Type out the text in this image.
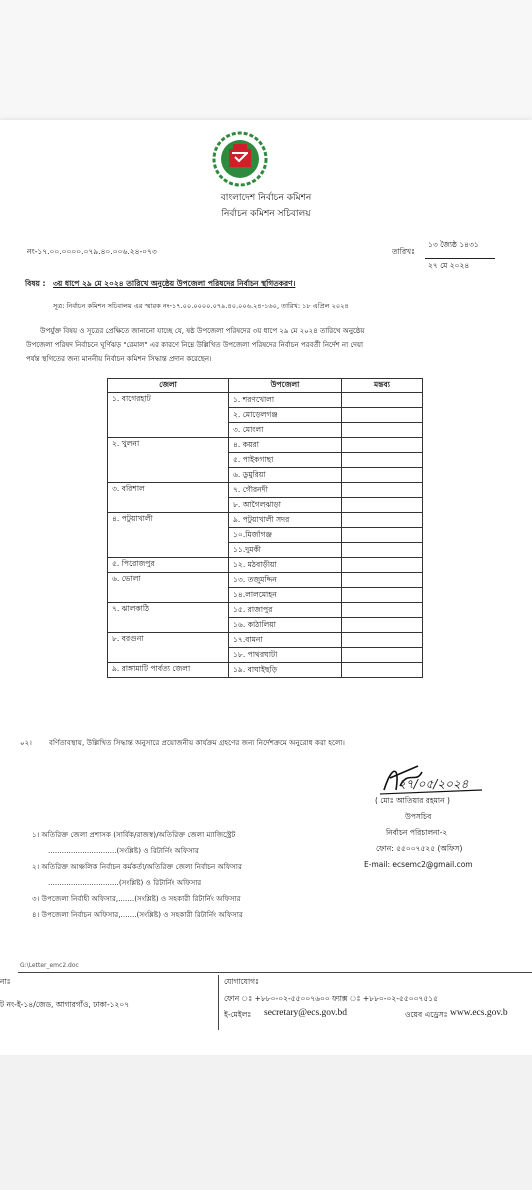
বাংলাদেশ নির্বাচন কমিশন
নির্বাচন কমিশন সচিবালয়
নং-১৭.০০.০০০০.০৭৯.৪০.০০৬.২৪-০৭৩	তারিখঃ
১৩ জ্যৈষ্ঠ ১৪৩১
২৭ মে ২০২৪
বিষয় : ৩য় ধাপে ২৯ মে ২০২৪ তারিখে অনুষ্ঠেয় উপজেলা পরিষদের নির্বাচন স্থগিতকরণ।
সূত্র: নির্বাচন কমিশন সচিবালয় এর স্মারক নং-১৭.০০.০০০০.০৭৯.৪০.০০৬.২৪-১৬০, তারিখ: ১৮ এপ্রিল ২০২৪
উপর্যুক্ত বিষয় ও সূত্রের প্রেক্ষিতে জানানো যাচ্ছে যে, ষষ্ঠ উপজেলা পরিষদের ৩য় ধাপে ২৯ মে ২০২৪ তারিখে অনুষ্ঠেয়
উপজেলা পরিষদ নির্বাচনে ঘূর্ণিঝড় "রেমাল" এর কারণে নিম্নে উল্লিখিত উপজেলা পরিষদের নির্বাচন পরবর্তী নির্দেশ না দেয়া
পর্যন্ত স্থগিতের জন্য মাননীয় নির্বাচন কমিশন সিদ্ধান্ত প্রদান করেছেন।
জেলা	উপজেলা	মন্তব্য
১. বাগেরহাট	১. শরণখোলা	
	২. মোড়েলগঞ্জ	
	৩. মোংলা	
২. খুলনা	৪. কয়রা	
	৫. পাইকগাছা	
	৬. ডুমুরিয়া	
৩. বরিশাল	৭. গৌরনদী	
	৮. আগৈলঝাড়া	
৪. পটুয়াখালী	৯. পটুয়াখালী সদর	
	১০.মির্জাগঞ্জ	
	১১.দুমকী	
৫. পিরোজপুর	১২. মঠবাড়ীয়া	
৬. ভোলা	১৩. তজুমদ্দিন	
	১৪.লালমোহন	
৭. ঝালকাঠি	১৫. রাজাপুর	
	১৬. কাঠালিয়া	
৮. বরগুনা	১৭.বামনা	
	১৮. পাথরঘাটা	
৯. রাঙ্গামাটি পার্বত্য জেলা	১৯. বাঘাইছড়ি	
০২। বর্ণিতাবস্থায়, উল্লিখিত সিদ্ধান্ত অনুসারে প্রয়োজনীয় কার্যক্রম গ্রহণের জন্য নির্দেশক্রমে অনুরোধ করা হলো।
২৭/০৫/২০২৪
( মোঃ আতিয়ার রহমান )
উপসচিব
নির্বাচন পরিচালনা-২
ফোন: ৫৫০০৭৫২৫ (অফিস)
E-mail: ecsemc2@gmail.com
১। অতিরিক্ত জেলা প্রশাসক (সার্বিক/রাজস্ব)/অতিরিক্ত জেলা ম্যাজিস্ট্রেট
..............................(সংশ্লিষ্ট) ও রিটার্নিং অফিসার
২। অতিরিক্ত আঞ্চলিক নির্বাচন কর্মকর্তা/অতিরিক্ত জেলা নির্বাচন অফিসার
...............................(সংশ্লিষ্ট) ও রিটার্নিং অফিসার
৩। উপজেলা নির্বাহী অফিসার,.......(সংশ্লিষ্ট) ও সহকারী রিটার্নিং অফিসার
৪। উপজেলা নির্বাচন অফিসার,.......(সংশ্লিষ্ট) ও সহকারী রিটার্নিং অফিসার
G:\Letter_emc2.doc
নাঃ
ট নং-ই-১৪/জেড, আগারগাঁও, ঢাকা-১২০৭
যোগাযোগঃ
ফোন ঃ +৮৮০-০২-৫৫০০৭৬০০ ফ্যাক্স ঃ +৮৮০-০২-৫৫০০৭৫১৫
ই-মেইলঃ secretary@ecs.gov.bd	ওয়েব এড্রেসঃ www.ecs.gov.b
